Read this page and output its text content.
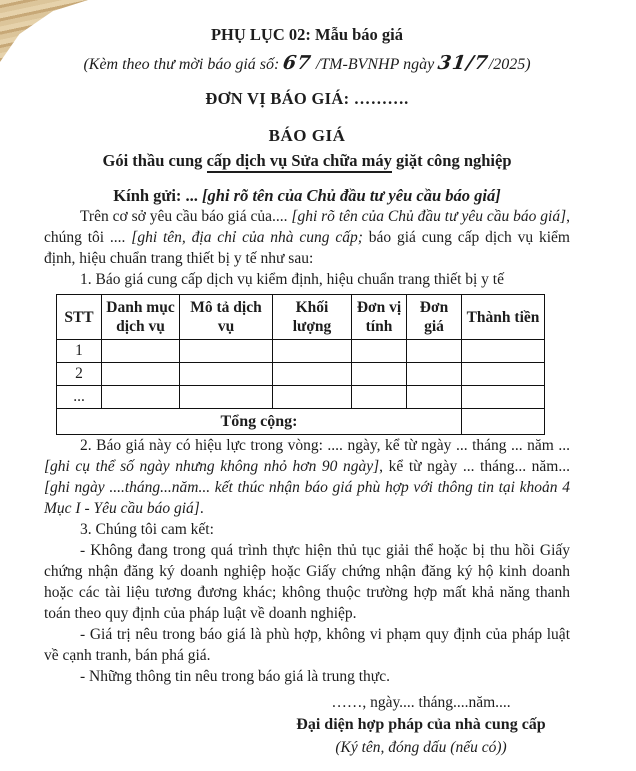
PHỤ LỤC 02: Mẫu báo giá
(Kèm theo thư mời báo giá số: 67 /TM-BVNHP ngày 31/7/2025)
ĐƠN VỊ BÁO GIÁ: ……….
BÁO GIÁ
Gói thầu cung cấp dịch vụ Sửa chữa máy giặt công nghiệp
Kính gửi: ... [ghi rõ tên của Chủ đầu tư yêu cầu báo giá]

Trên cơ sở yêu cầu báo giá của.... [ghi rõ tên của Chủ đầu tư yêu cầu báo giá], chúng tôi .... [ghi tên, địa chỉ của nhà cung cấp; báo giá cung cấp dịch vụ kiểm định, hiệu chuẩn trang thiết bị y tế như sau:

1. Báo giá cung cấp dịch vụ kiểm định, hiệu chuẩn trang thiết bị y tế

STT	Danh mục dịch vụ	Mô tả dịch vụ	Khối lượng	Đơn vị tính	Đơn giá	Thành tiền
1						
2						
...						
Tổng cộng:						

2. Báo giá này có hiệu lực trong vòng: .... ngày, kể từ ngày ... tháng ... năm ... [ghi cụ thể số ngày nhưng không nhỏ hơn 90 ngày], kể từ ngày ... tháng... năm... [ghi ngày ....tháng...năm... kết thúc nhận báo giá phù hợp với thông tin tại khoản 4 Mục I - Yêu cầu báo giá].

3. Chúng tôi cam kết:

- Không đang trong quá trình thực hiện thủ tục giải thể hoặc bị thu hồi Giấy chứng nhận đăng ký doanh nghiệp hoặc Giấy chứng nhận đăng ký hộ kinh doanh hoặc các tài liệu tương đương khác; không thuộc trường hợp mất khả năng thanh toán theo quy định của pháp luật về doanh nghiệp.

- Giá trị nêu trong báo giá là phù hợp, không vi phạm quy định của pháp luật về cạnh tranh, bán phá giá.

- Những thông tin nêu trong báo giá là trung thực.

……, ngày.... tháng....năm....
Đại diện hợp pháp của nhà cung cấp
(Ký tên, đóng dấu (nếu có))
